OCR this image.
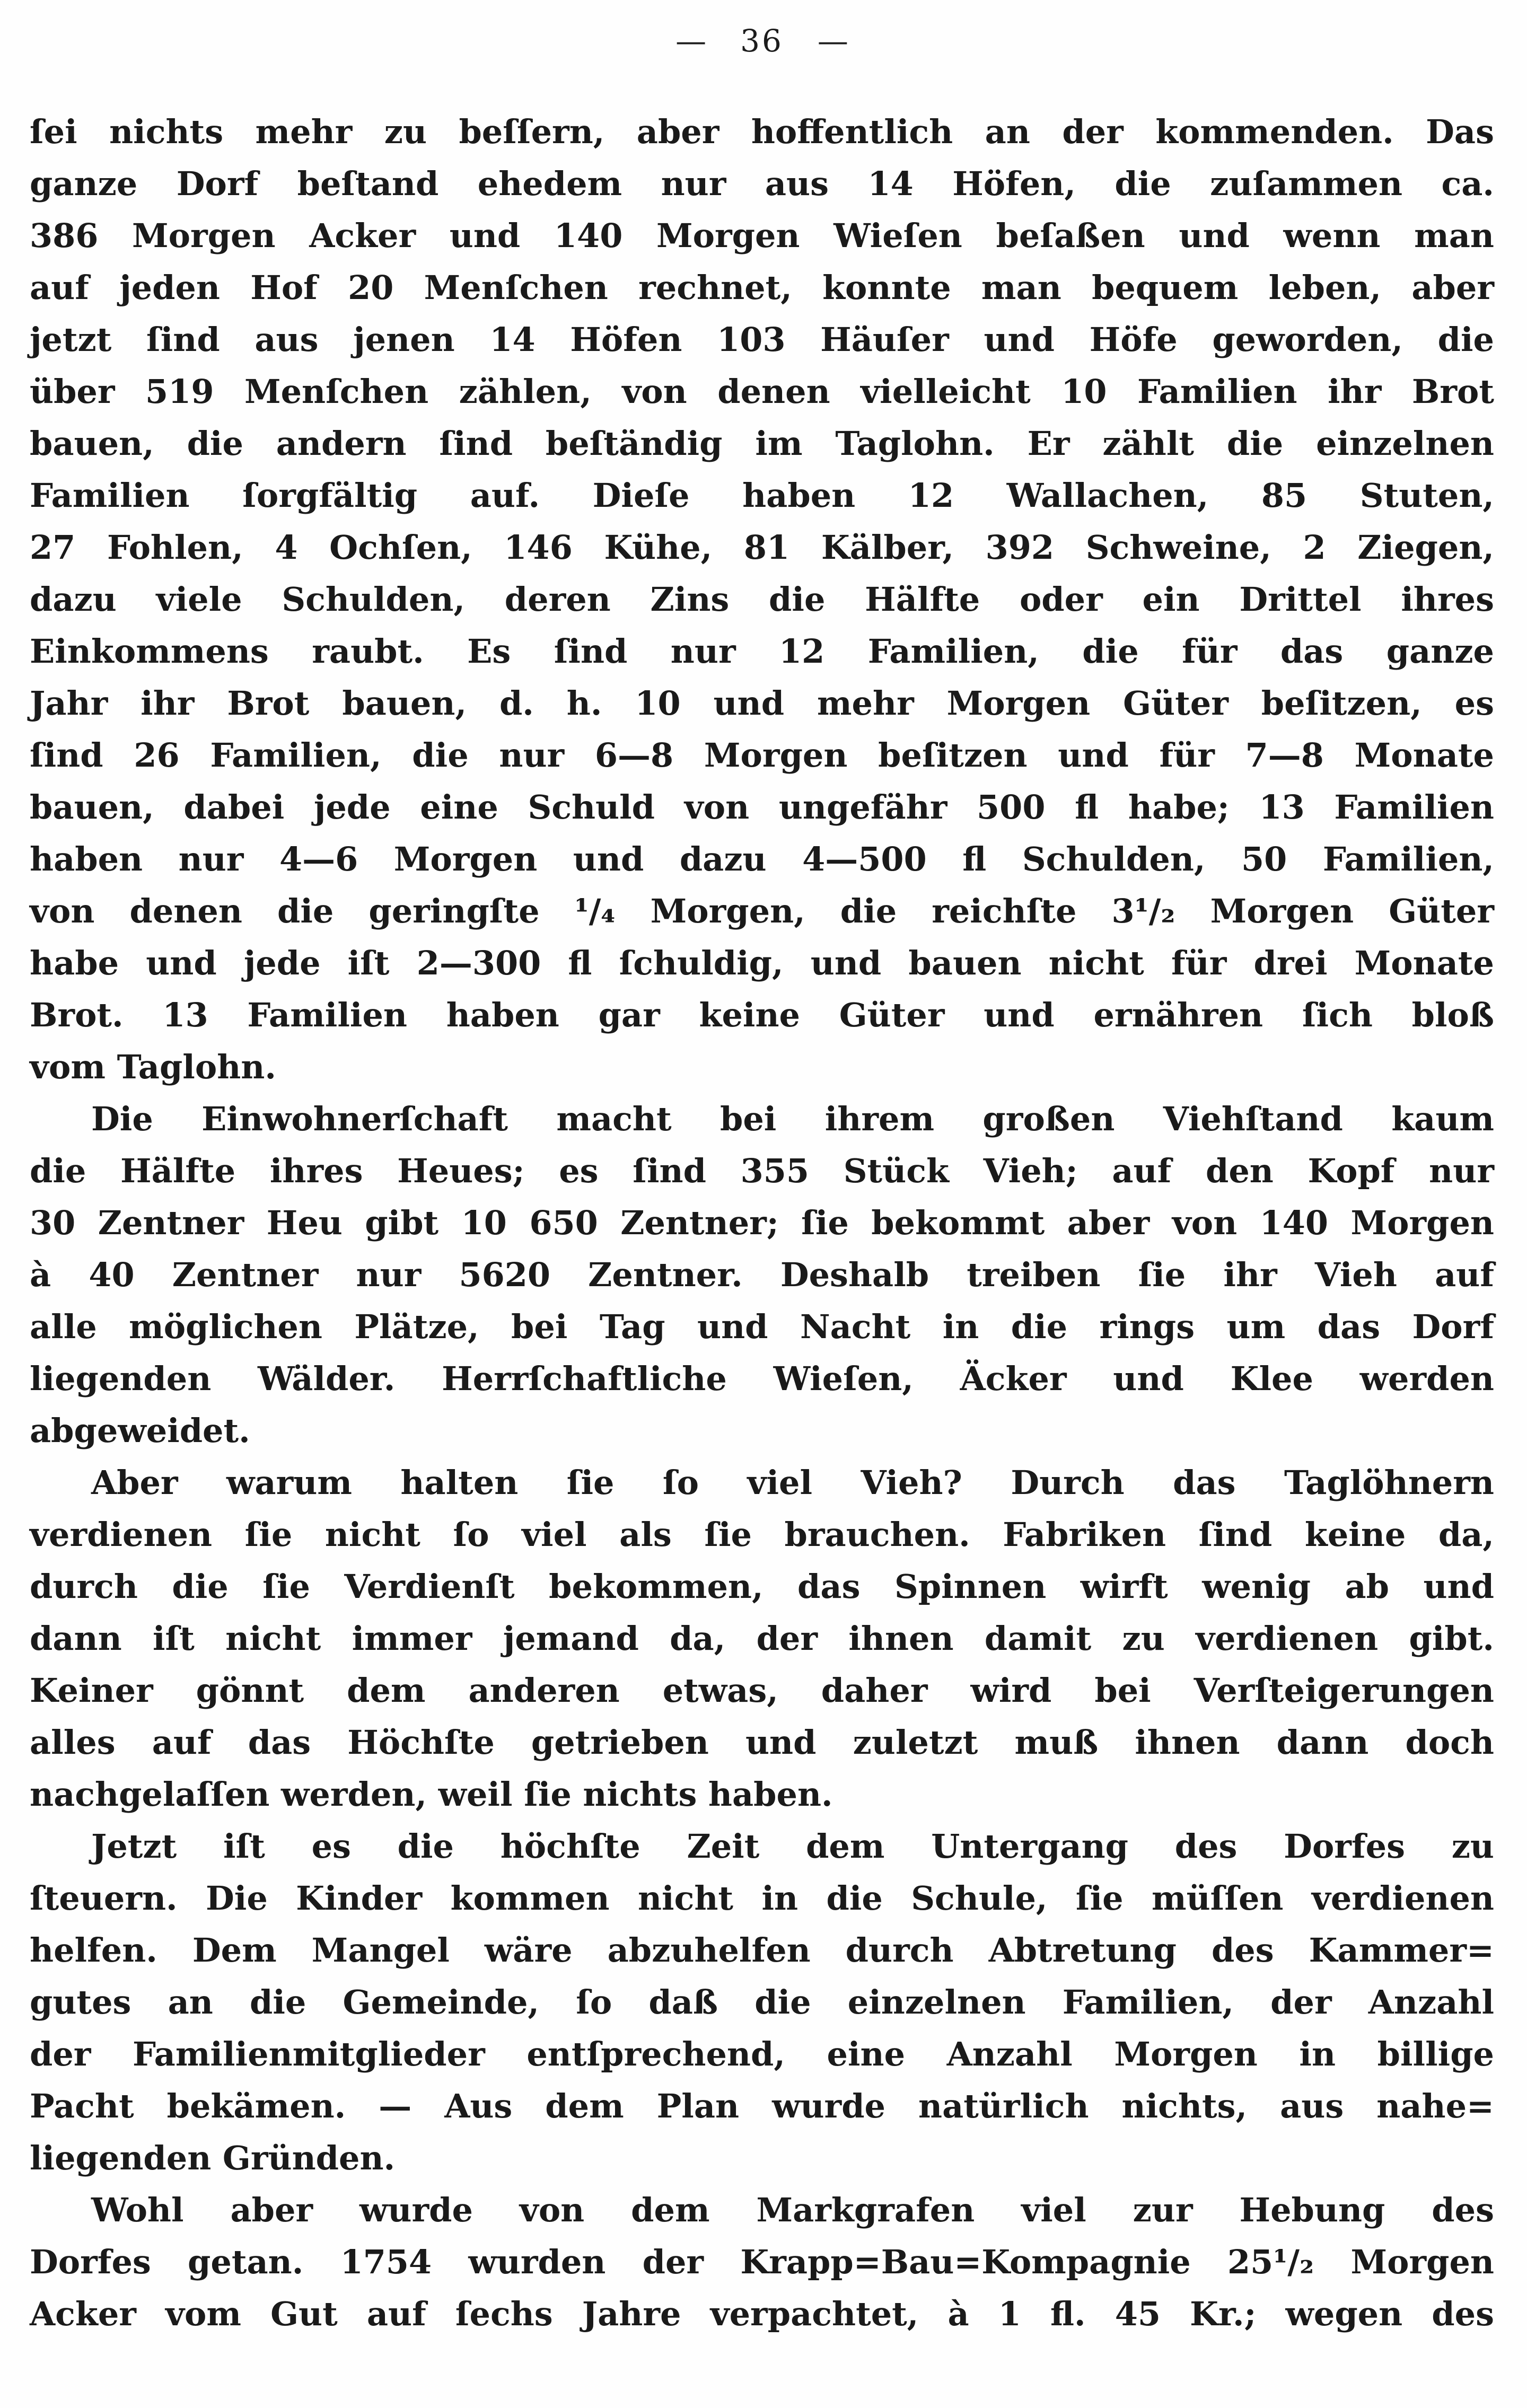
— 36 —
ſei nichts mehr zu beſſern, aber hoffentlich an der kommenden. Das
ganze Dorf beſtand ehedem nur aus 14 Höfen, die zuſammen ca.
386 Morgen Acker und 140 Morgen Wieſen beſaßen und wenn man
auf jeden Hof 20 Menſchen rechnet, konnte man bequem leben, aber
jetzt ſind aus jenen 14 Höfen 103 Häuſer und Höfe geworden, die
über 519 Menſchen zählen, von denen vielleicht 10 Familien ihr Brot
bauen, die andern ſind beſtändig im Taglohn. Er zählt die einzelnen
Familien ſorgfältig auf. Dieſe haben 12 Wallachen, 85 Stuten,
27 Fohlen, 4 Ochſen, 146 Kühe, 81 Kälber, 392 Schweine, 2 Ziegen,
dazu viele Schulden, deren Zins die Hälfte oder ein Drittel ihres
Einkommens raubt. Es ſind nur 12 Familien, die für das ganze
Jahr ihr Brot bauen, d. h. 10 und mehr Morgen Güter beſitzen, es
ſind 26 Familien, die nur 6—8 Morgen beſitzen und für 7—8 Monate
bauen, dabei jede eine Schuld von ungefähr 500 fl habe; 13 Familien
haben nur 4—6 Morgen und dazu 4—500 fl Schulden, 50 Familien,
von denen die geringſte ¹/₄ Morgen, die reichſte 3¹/₂ Morgen Güter
habe und jede iſt 2—300 fl ſchuldig, und bauen nicht für drei Monate
Brot. 13 Familien haben gar keine Güter und ernähren ſich bloß
vom Taglohn.
Die Einwohnerſchaft macht bei ihrem großen Viehſtand kaum
die Hälfte ihres Heues; es ſind 355 Stück Vieh; auf den Kopf nur
30 Zentner Heu gibt 10 650 Zentner; ſie bekommt aber von 140 Morgen
à 40 Zentner nur 5620 Zentner. Deshalb treiben ſie ihr Vieh auf
alle möglichen Plätze, bei Tag und Nacht in die rings um das Dorf
liegenden Wälder. Herrſchaftliche Wieſen, Äcker und Klee werden
abgeweidet.
Aber warum halten ſie ſo viel Vieh? Durch das Taglöhnern
verdienen ſie nicht ſo viel als ſie brauchen. Fabriken ſind keine da,
durch die ſie Verdienſt bekommen, das Spinnen wirft wenig ab und
dann iſt nicht immer jemand da, der ihnen damit zu verdienen gibt.
Keiner gönnt dem anderen etwas, daher wird bei Verſteigerungen
alles auf das Höchſte getrieben und zuletzt muß ihnen dann doch
nachgelaſſen werden, weil ſie nichts haben.
Jetzt iſt es die höchſte Zeit dem Untergang des Dorfes zu
ſteuern. Die Kinder kommen nicht in die Schule, ſie müſſen verdienen
helfen. Dem Mangel wäre abzuhelfen durch Abtretung des Kammer=
gutes an die Gemeinde, ſo daß die einzelnen Familien, der Anzahl
der Familienmitglieder entſprechend, eine Anzahl Morgen in billige
Pacht bekämen. — Aus dem Plan wurde natürlich nichts, aus nahe=
liegenden Gründen.
Wohl aber wurde von dem Markgrafen viel zur Hebung des
Dorfes getan. 1754 wurden der Krapp=Bau=Kompagnie 25¹/₂ Morgen
Acker vom Gut auf ſechs Jahre verpachtet, à 1 fl. 45 Kr.; wegen des
